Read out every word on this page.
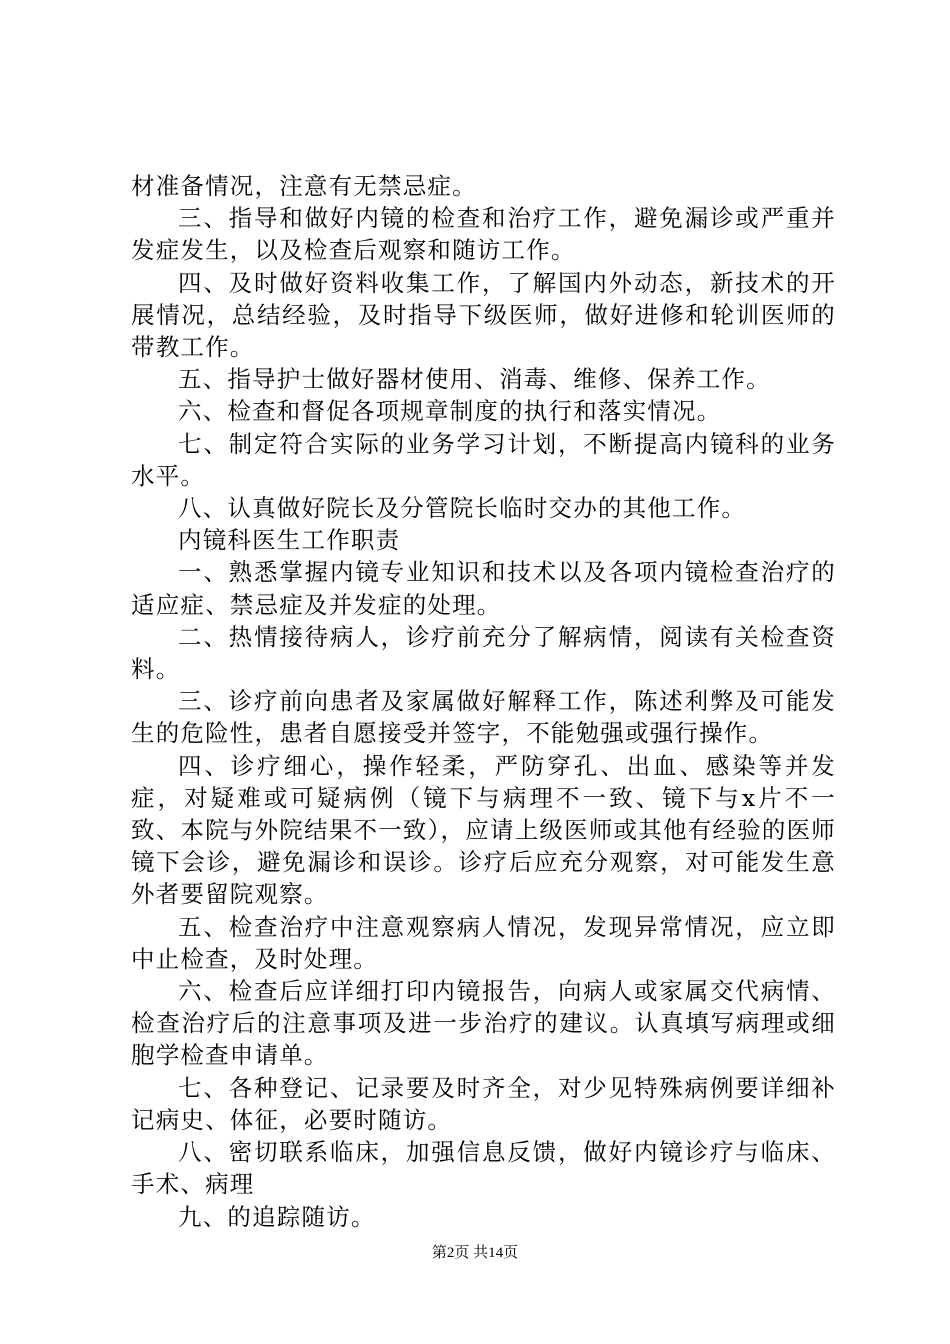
材准备情况，注意有无禁忌症。

三、指导和做好内镜的检查和治疗工作，避免漏诊或严重并发症发生，以及检查后观察和随访工作。

四、及时做好资料收集工作，了解国内外动态，新技术的开展情况，总结经验，及时指导下级医师，做好进修和轮训医师的带教工作。

五、指导护士做好器材使用、消毒、维修、保养工作。

六、检查和督促各项规章制度的执行和落实情况。

七、制定符合实际的业务学习计划，不断提高内镜科的业务水平。

八、认真做好院长及分管院长临时交办的其他工作。

内镜科医生工作职责

一、熟悉掌握内镜专业知识和技术以及各项内镜检查治疗的适应症、禁忌症及并发症的处理。

二、热情接待病人，诊疗前充分了解病情，阅读有关检查资料。

三、诊疗前向患者及家属做好解释工作，陈述利弊及可能发生的危险性，患者自愿接受并签字，不能勉强或强行操作。

四、诊疗细心，操作轻柔，严防穿孔、出血、感染等并发症，对疑难或可疑病例（镜下与病理不一致、镜下与x片不一致、本院与外院结果不一致），应请上级医师或其他有经验的医师镜下会诊，避免漏诊和误诊。诊疗后应充分观察，对可能发生意外者要留院观察。

五、检查治疗中注意观察病人情况，发现异常情况，应立即中止检查，及时处理。

六、检查后应详细打印内镜报告，向病人或家属交代病情、检查治疗后的注意事项及进一步治疗的建议。认真填写病理或细胞学检查申请单。

七、各种登记、记录要及时齐全，对少见特殊病例要详细补记病史、体征，必要时随访。

八、密切联系临床，加强信息反馈，做好内镜诊疗与临床、手术、病理

九、的追踪随访。

第2页 共14页
